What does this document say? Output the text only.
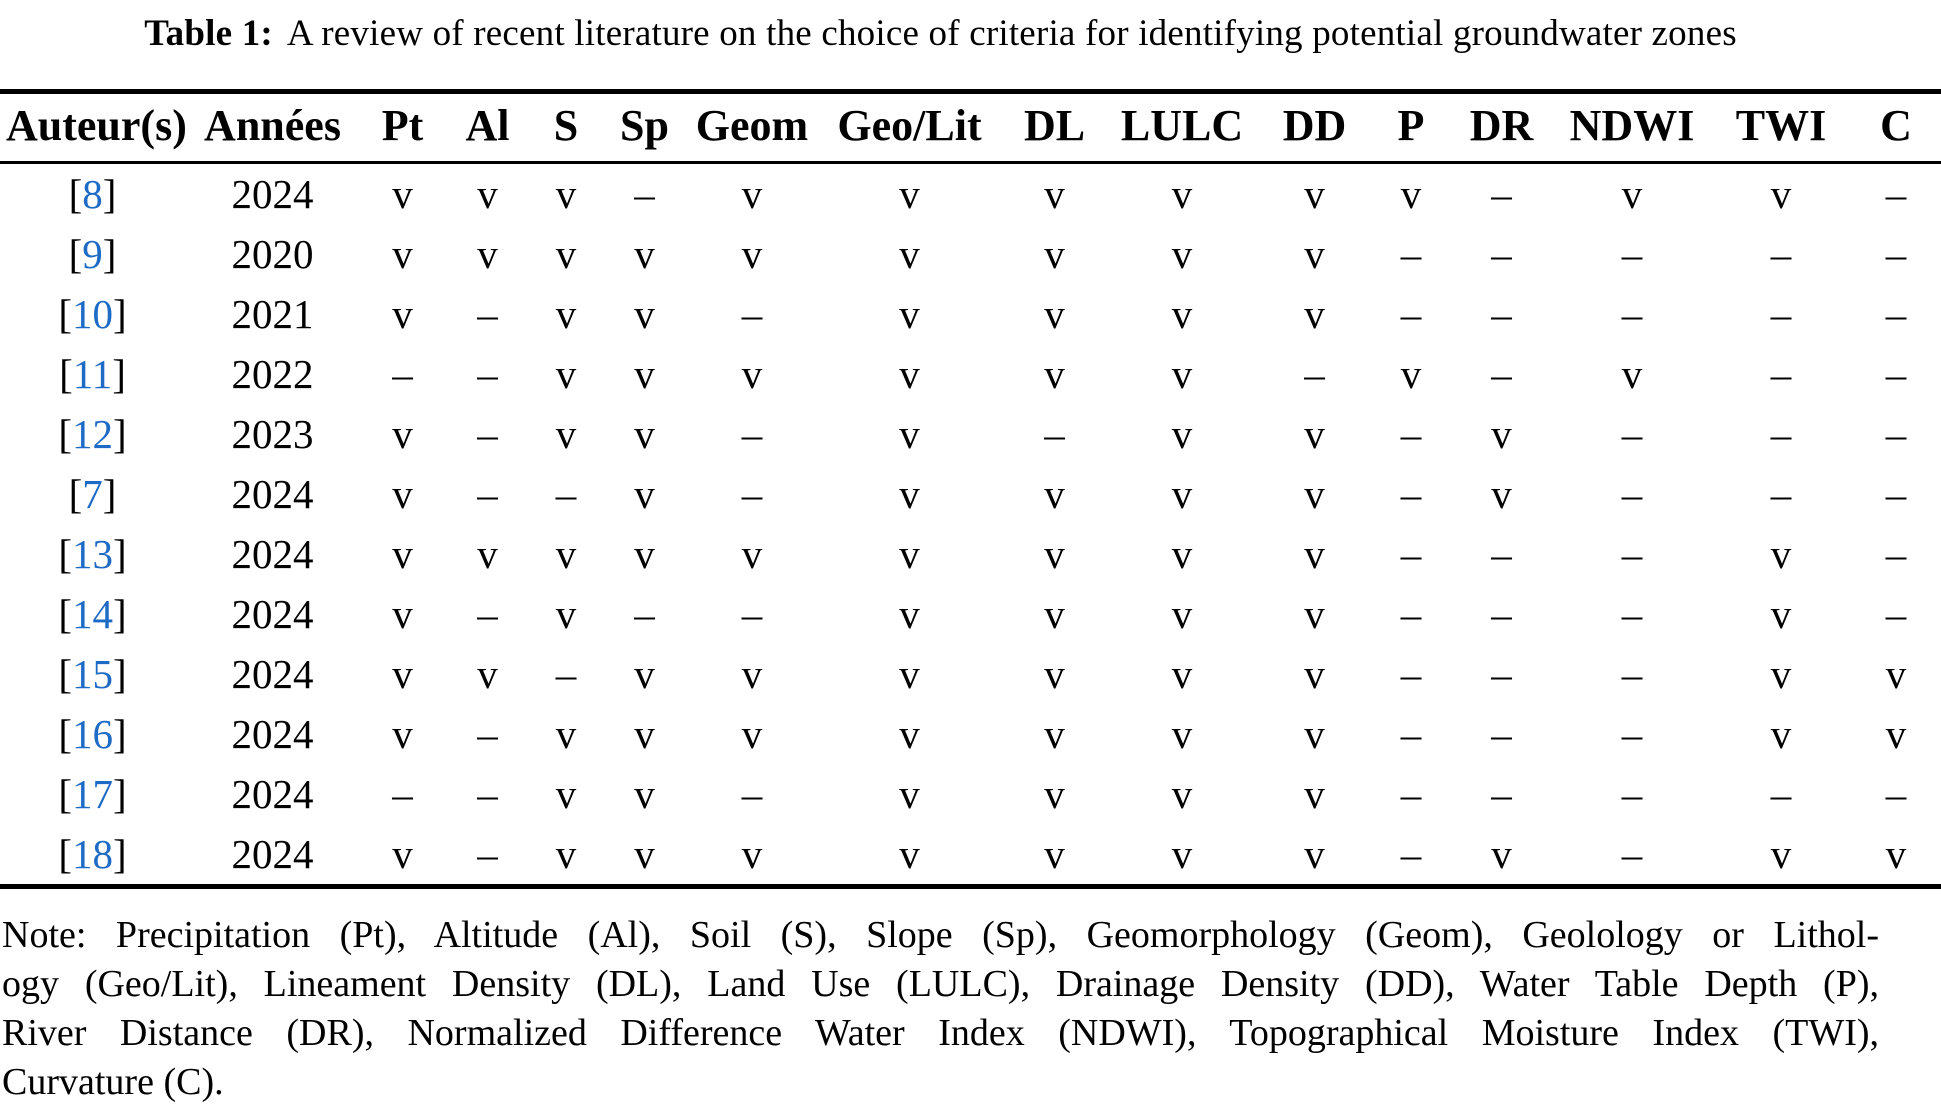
Table 1: A review of recent literature on the choice of criteria for identifying potential groundwater zones
Auteur(s)	Années	Pt	Al	S	Sp	Geom	Geo/Lit	DL	LULC	DD	P	DR	NDWI	TWI	C
[8]	2024	v	v	v	–	v	v	v	v	v	v	–	v	v	–
[9]	2020	v	v	v	v	v	v	v	v	v	–	–	–	–	–
[10]	2021	v	–	v	v	–	v	v	v	v	–	–	–	–	–
[11]	2022	–	–	v	v	v	v	v	v	–	v	–	v	–	–
[12]	2023	v	–	v	v	–	v	–	v	v	–	v	–	–	–
[7]	2024	v	–	–	v	–	v	v	v	v	–	v	–	–	–
[13]	2024	v	v	v	v	v	v	v	v	v	–	–	–	v	–
[14]	2024	v	–	v	–	–	v	v	v	v	–	–	–	v	–
[15]	2024	v	v	–	v	v	v	v	v	v	–	–	–	v	v
[16]	2024	v	–	v	v	v	v	v	v	v	–	–	–	v	v
[17]	2024	–	–	v	v	–	v	v	v	v	–	–	–	–	–
[18]	2024	v	–	v	v	v	v	v	v	v	–	v	–	v	v
Note: Precipitation (Pt), Altitude (Al), Soil (S), Slope (Sp), Geomorphology (Geom), Geolology or Lithol-
ogy (Geo/Lit), Lineament Density (DL), Land Use (LULC), Drainage Density (DD), Water Table Depth (P),
River Distance (DR), Normalized Difference Water Index (NDWI), Topographical Moisture Index (TWI),
Curvature (C).
